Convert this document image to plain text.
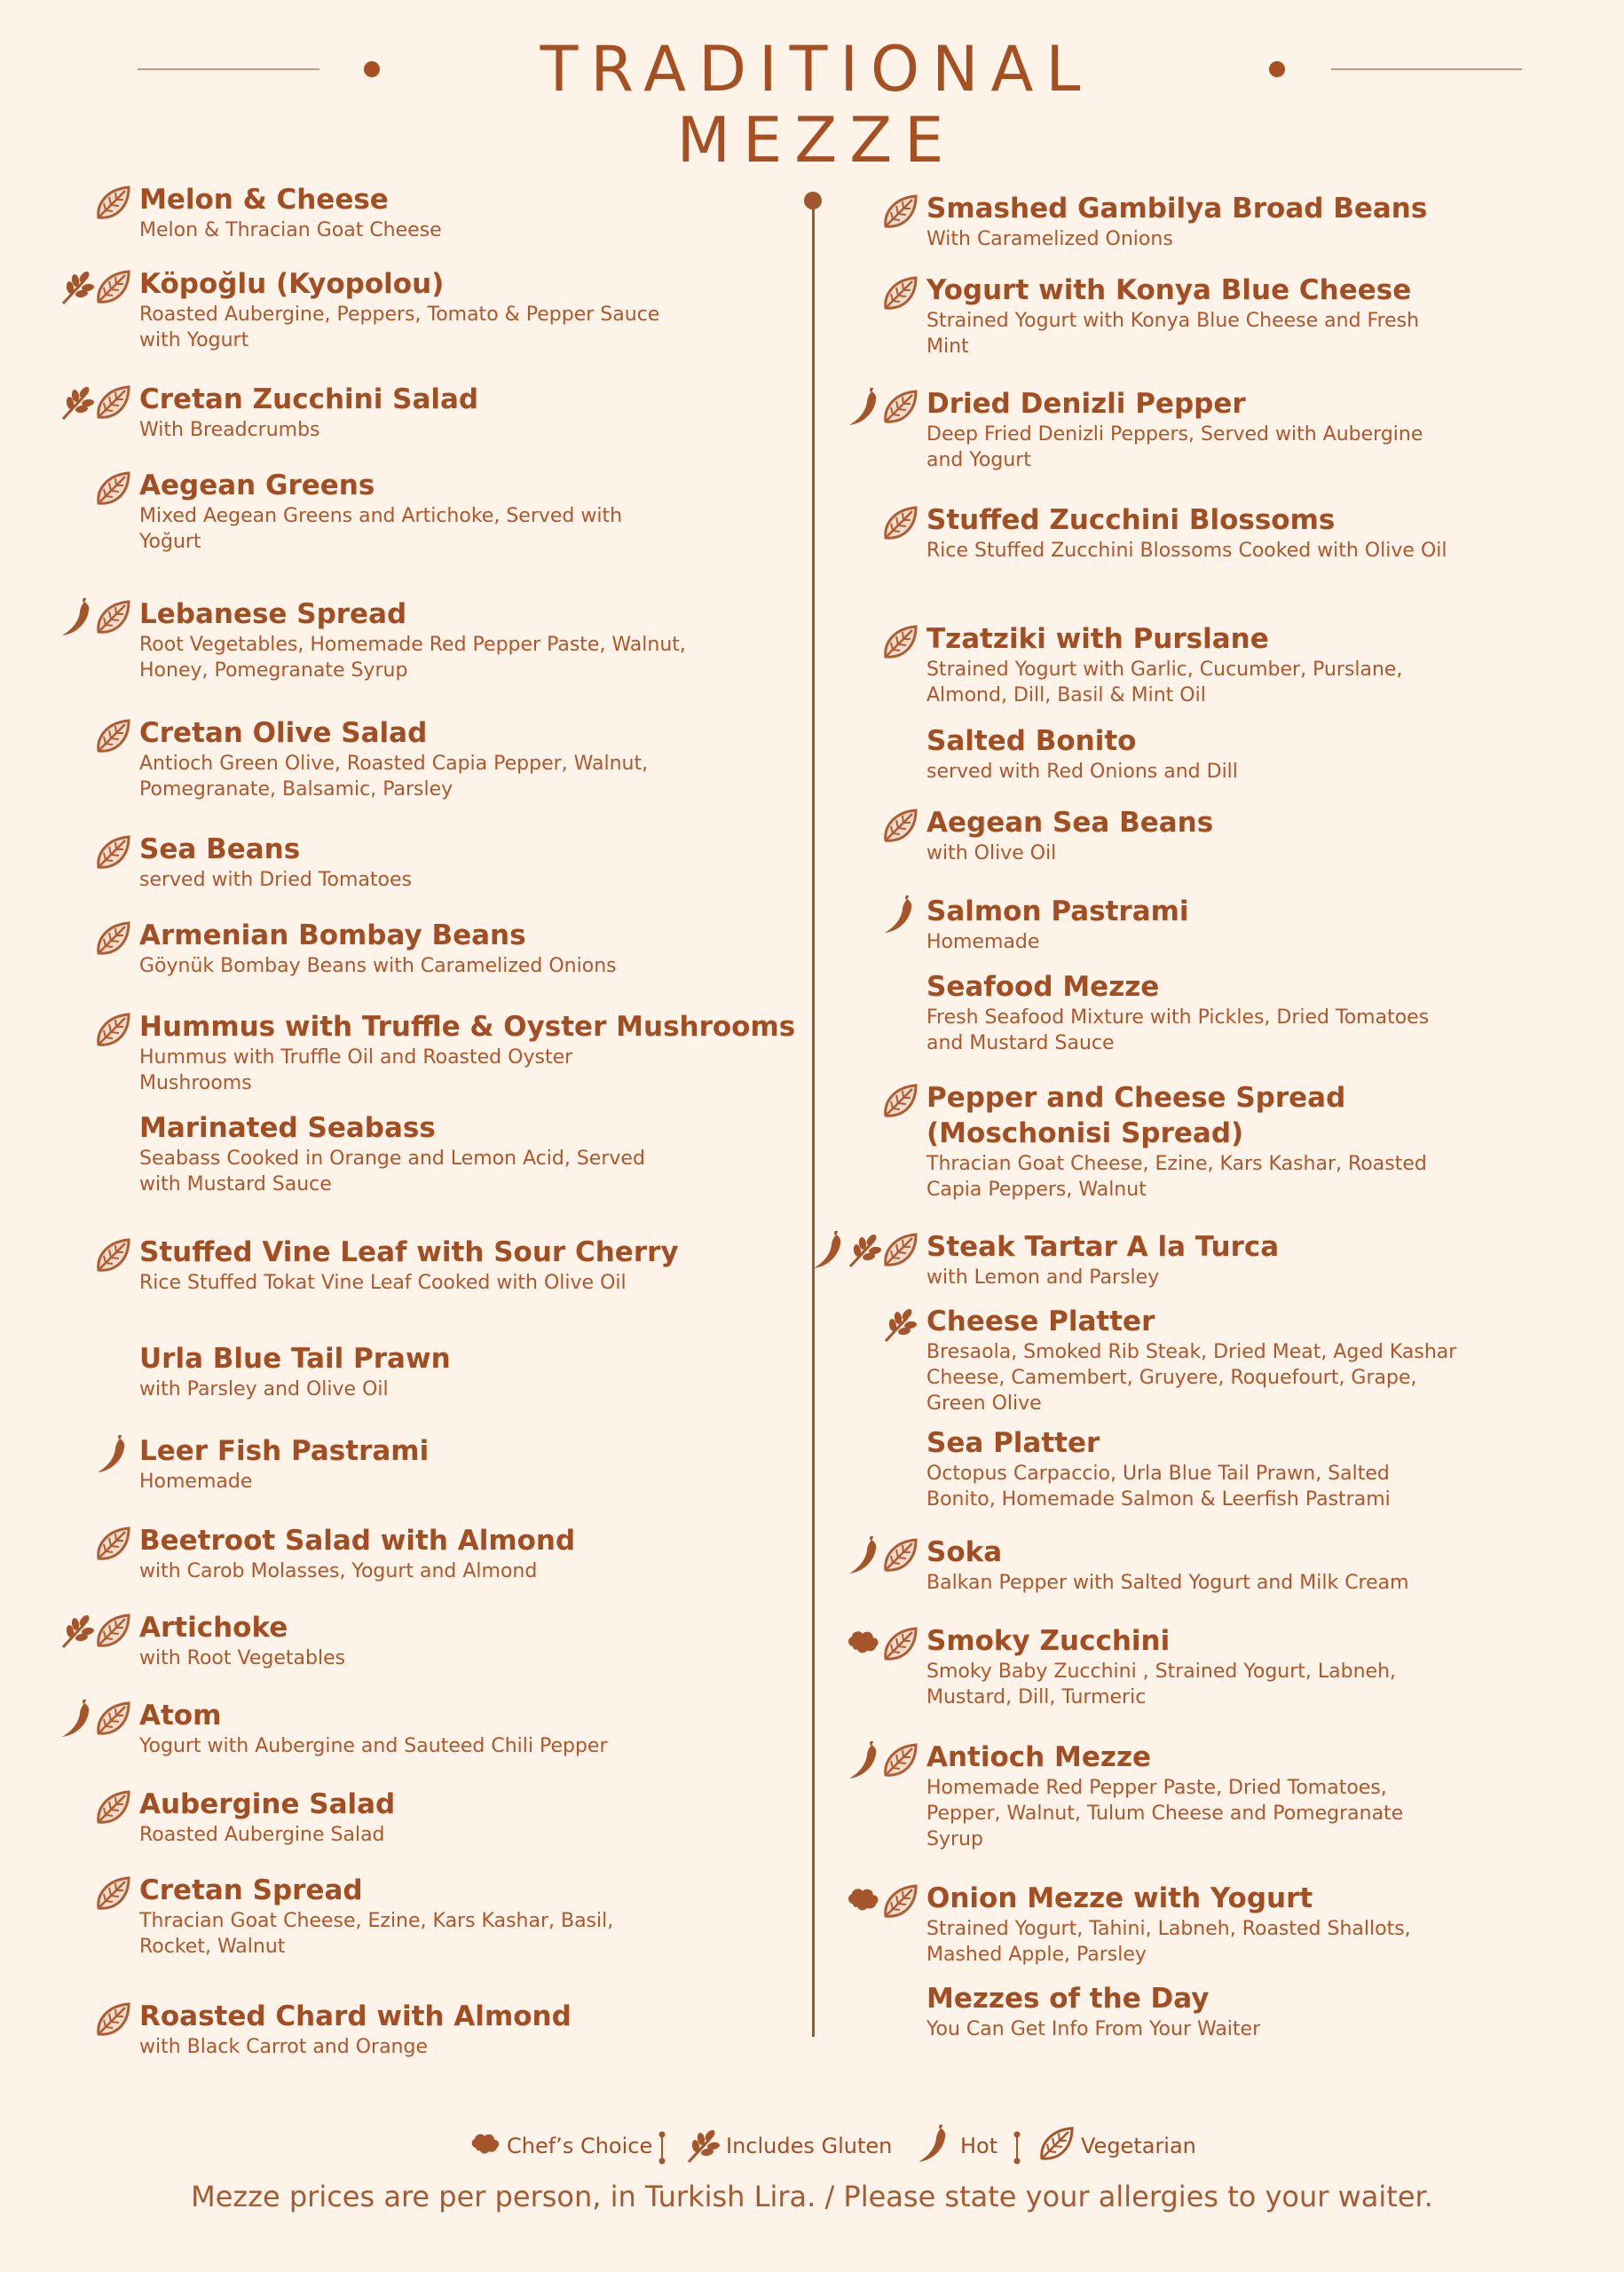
TRADITIONAL MEZZE
Melon & Cheese
Melon & Thracian Goat Cheese
Köpoğlu (Kyopolou)
Roasted Aubergine, Peppers, Tomato & Pepper Sauce with Yogurt
Cretan Zucchini Salad
With Breadcrumbs
Aegean Greens
Mixed Aegean Greens and Artichoke, Served with Yoğurt
Lebanese Spread
Root Vegetables, Homemade Red Pepper Paste, Walnut, Honey, Pomegranate Syrup
Cretan Olive Salad
Antioch Green Olive, Roasted Capia Pepper, Walnut, Pomegranate, Balsamic, Parsley
Sea Beans
served with Dried Tomatoes
Armenian Bombay Beans
Göynük Bombay Beans with Caramelized Onions
Hummus with Truffle & Oyster Mushrooms
Hummus with Truffle Oil and Roasted Oyster Mushrooms
Marinated Seabass
Seabass Cooked in Orange and Lemon Acid, Served with Mustard Sauce
Stuffed Vine Leaf with Sour Cherry
Rice Stuffed Tokat Vine Leaf Cooked with Olive Oil
Urla Blue Tail Prawn
with Parsley and Olive Oil
Leer Fish Pastrami
Homemade
Beetroot Salad with Almond
with Carob Molasses, Yogurt and Almond
Artichoke
with Root Vegetables
Atom
Yogurt with Aubergine and Sauteed Chili Pepper
Aubergine Salad
Roasted Aubergine Salad
Cretan Spread
Thracian Goat Cheese, Ezine, Kars Kashar, Basil, Rocket, Walnut
Roasted Chard with Almond
with Black Carrot and Orange
Smashed Gambilya Broad Beans
With Caramelized Onions
Yogurt with Konya Blue Cheese
Strained Yogurt with Konya Blue Cheese and Fresh Mint
Dried Denizli Pepper
Deep Fried Denizli Peppers, Served with Aubergine and Yogurt
Stuffed Zucchini Blossoms
Rice Stuffed Zucchini Blossoms Cooked with Olive Oil
Tzatziki with Purslane
Strained Yogurt with Garlic, Cucumber, Purslane, Almond, Dill, Basil & Mint Oil
Salted Bonito
served with Red Onions and Dill
Aegean Sea Beans
with Olive Oil
Salmon Pastrami
Homemade
Seafood Mezze
Fresh Seafood Mixture with Pickles, Dried Tomatoes and Mustard Sauce
Pepper and Cheese Spread (Moschonisi Spread)
Thracian Goat Cheese, Ezine, Kars Kashar, Roasted Capia Peppers, Walnut
Steak Tartar A la Turca
with Lemon and Parsley
Cheese Platter
Bresaola, Smoked Rib Steak, Dried Meat, Aged Kashar Cheese, Camembert, Gruyere, Roquefourt, Grape, Green Olive
Sea Platter
Octopus Carpaccio, Urla Blue Tail Prawn, Salted Bonito, Homemade Salmon & Leerfish Pastrami
Soka
Balkan Pepper with Salted Yogurt and Milk Cream
Smoky Zucchini
Smoky Baby Zucchini , Strained Yogurt, Labneh, Mustard, Dill, Turmeric
Antioch Mezze
Homemade Red Pepper Paste, Dried Tomatoes, Pepper, Walnut, Tulum Cheese and Pomegranate Syrup
Onion Mezze with Yogurt
Strained Yogurt, Tahini, Labneh, Roasted Shallots, Mashed Apple, Parsley
Mezzes of the Day
You Can Get Info From Your Waiter
Chef’s Choice	Includes Gluten	Hot	Vegetarian
Mezze prices are per person, in Turkish Lira. / Please state your allergies to your waiter.
